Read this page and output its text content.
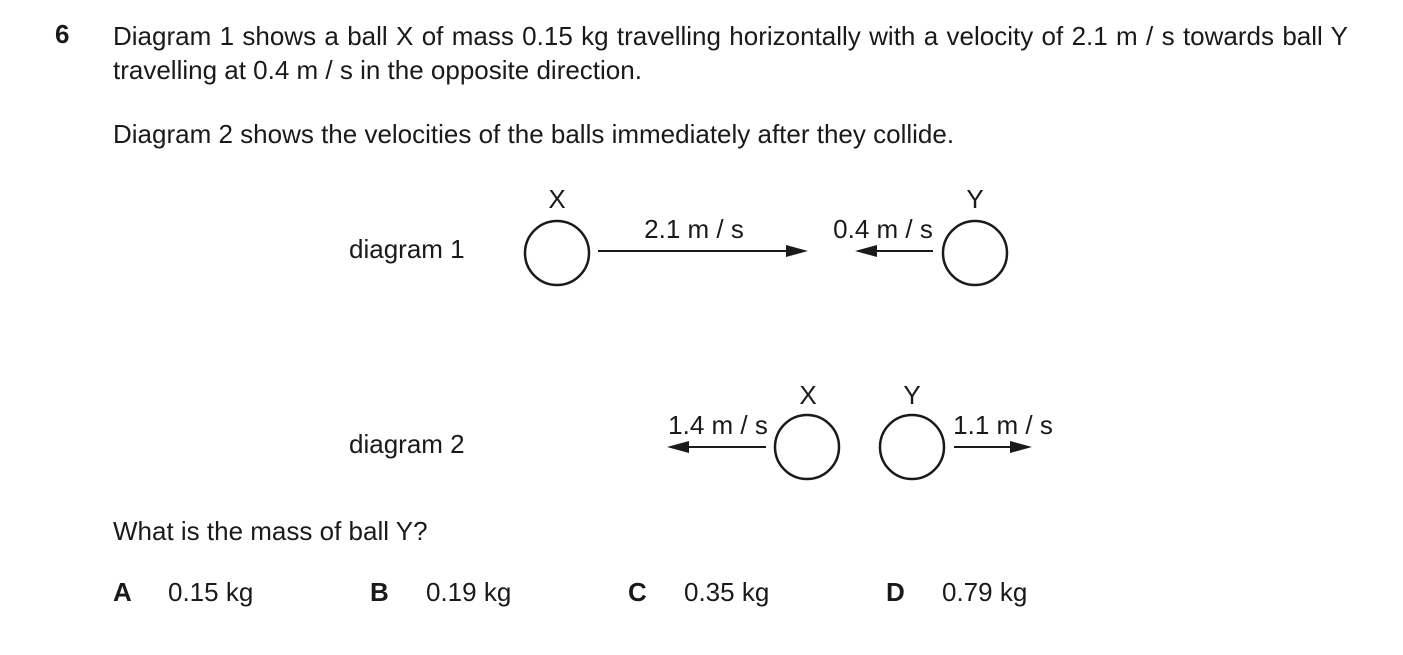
6 Diagram 1 shows a ball X of mass 0.15 kg travelling horizontally with a velocity of 2.1 m / s towards ball Y travelling at 0.4 m / s in the opposite direction.

Diagram 2 shows the velocities of the balls immediately after they collide.

diagram 1
diagram 2
X	Y
2.1 m / s	0.4 m / s
X	Y
1.4 m / s	1.1 m / s

What is the mass of ball Y?

A 0.15 kg	B 0.19 kg	C 0.35 kg	D 0.79 kg
